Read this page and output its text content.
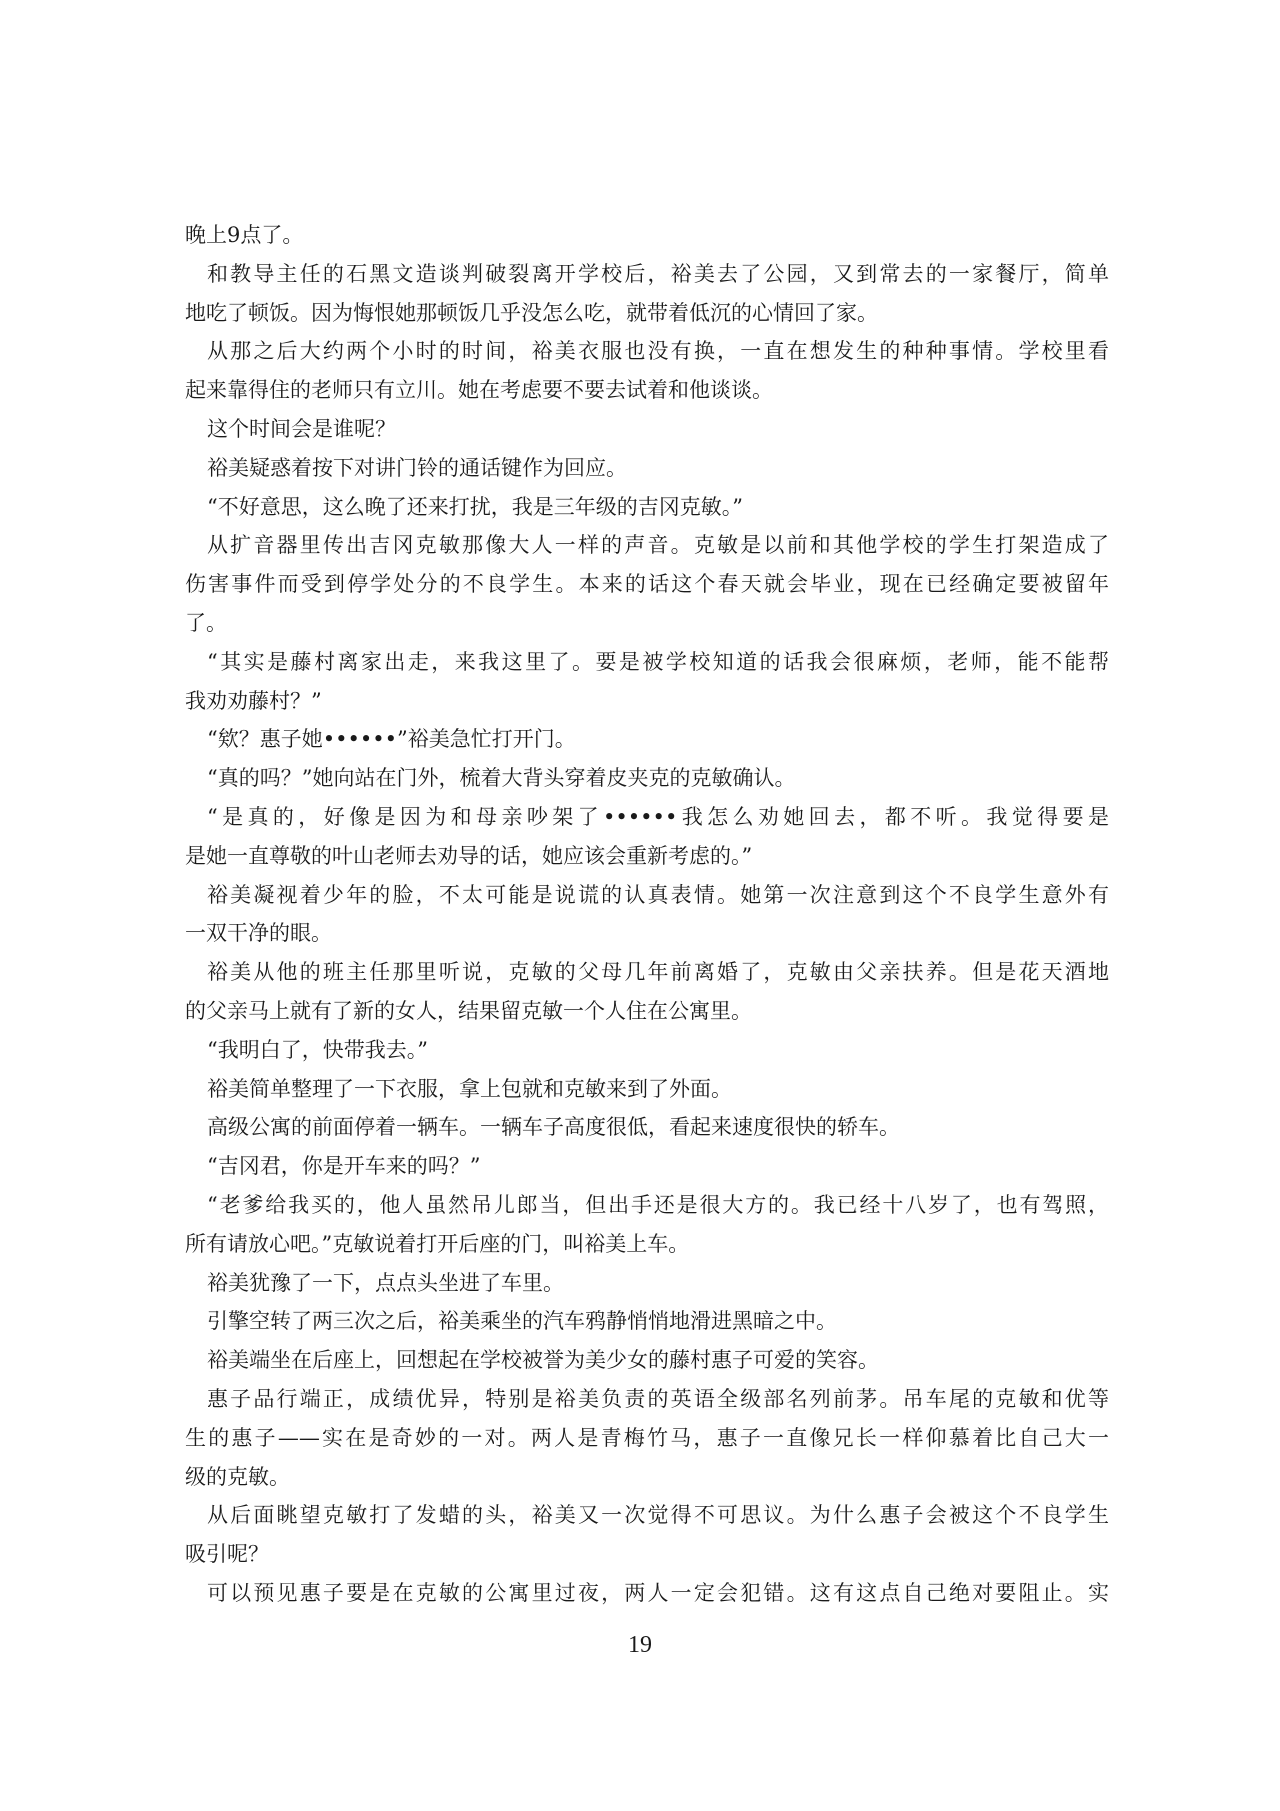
晚上9点了。
和教导主任的石黑文造谈判破裂离开学校后，裕美去了公园，又到常去的一家餐厅，简单
地吃了顿饭。因为悔恨她那顿饭几乎没怎么吃，就带着低沉的心情回了家。
从那之后大约两个小时的时间，裕美衣服也没有换，一直在想发生的种种事情。学校里看
起来靠得住的老师只有立川。她在考虑要不要去试着和他谈谈。
这个时间会是谁呢？
裕美疑惑着按下对讲门铃的通话键作为回应。
“不好意思，这么晚了还来打扰，我是三年级的吉冈克敏。”
从扩音器里传出吉冈克敏那像大人一样的声音。克敏是以前和其他学校的学生打架造成了
伤害事件而受到停学处分的不良学生。本来的话这个春天就会毕业，现在已经确定要被留年
了。
“其实是藤村离家出走，来我这里了。要是被学校知道的话我会很麻烦，老师，能不能帮
我劝劝藤村？”
“欸？惠子她••••••”裕美急忙打开门。
“真的吗？”她向站在门外，梳着大背头穿着皮夹克的克敏确认。
“是真的，好像是因为和母亲吵架了••••••我怎么劝她回去，都不听。我觉得要是
是她一直尊敬的叶山老师去劝导的话，她应该会重新考虑的。”
裕美凝视着少年的脸，不太可能是说谎的认真表情。她第一次注意到这个不良学生意外有
一双干净的眼。
裕美从他的班主任那里听说，克敏的父母几年前离婚了，克敏由父亲扶养。但是花天酒地
的父亲马上就有了新的女人，结果留克敏一个人住在公寓里。
“我明白了，快带我去。”
裕美简单整理了一下衣服，拿上包就和克敏来到了外面。
高级公寓的前面停着一辆车。一辆车子高度很低，看起来速度很快的轿车。
“吉冈君，你是开车来的吗？”
“老爹给我买的，他人虽然吊儿郎当，但出手还是很大方的。我已经十八岁了，也有驾照，
所有请放心吧。”克敏说着打开后座的门，叫裕美上车。
裕美犹豫了一下，点点头坐进了车里。
引擎空转了两三次之后，裕美乘坐的汽车鸦静悄悄地滑进黑暗之中。
裕美端坐在后座上，回想起在学校被誉为美少女的藤村惠子可爱的笑容。
惠子品行端正，成绩优异，特别是裕美负责的英语全级部名列前茅。吊车尾的克敏和优等
生的惠子——实在是奇妙的一对。两人是青梅竹马，惠子一直像兄长一样仰慕着比自己大一
级的克敏。
从后面眺望克敏打了发蜡的头，裕美又一次觉得不可思议。为什么惠子会被这个不良学生
吸引呢？
可以预见惠子要是在克敏的公寓里过夜，两人一定会犯错。这有这点自己绝对要阻止。实
19
